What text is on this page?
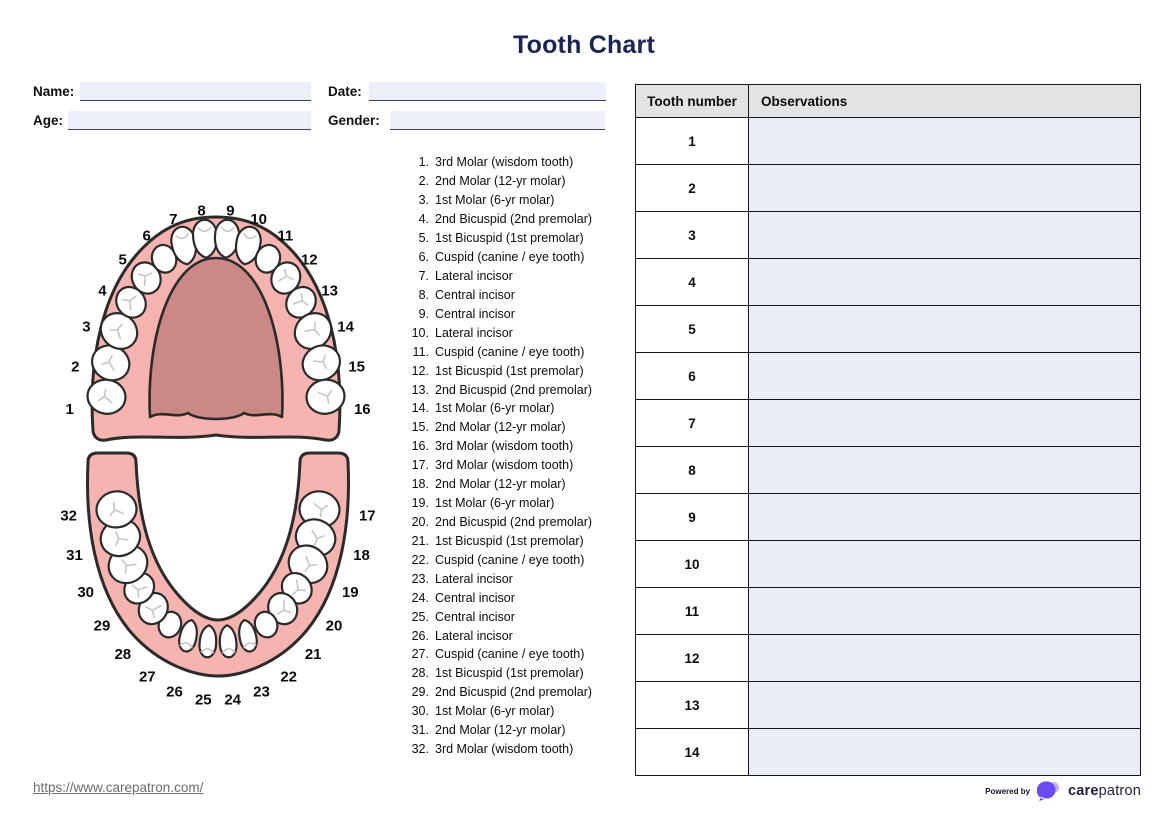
Tooth Chart
Name:	Date:
Age:	Gender:
1
2
3
4
5
6
7 8 9 10
11
12
13
14
15
16
17
18
19
20
21
22
23
24
25
26
27
28
29
30
31
32
1. 3rd Molar (wisdom tooth)
2. 2nd Molar (12-yr molar)
3. 1st Molar (6-yr molar)
4. 2nd Bicuspid (2nd premolar)
5. 1st Bicuspid (1st premolar)
6. Cuspid (canine / eye tooth)
7. Lateral incisor
8. Central incisor
9. Central incisor
10. Lateral incisor
11. Cuspid (canine / eye tooth)
12. 1st Bicuspid (1st premolar)
13. 2nd Bicuspid (2nd premolar)
14. 1st Molar (6-yr molar)
15. 2nd Molar (12-yr molar)
16. 3rd Molar (wisdom tooth)
17. 3rd Molar (wisdom tooth)
18. 2nd Molar (12-yr molar)
19. 1st Molar (6-yr molar)
20. 2nd Bicuspid (2nd premolar)
21. 1st Bicuspid (1st premolar)
22. Cuspid (canine / eye tooth)
23. Lateral incisor
24. Central incisor
25. Central incisor
26. Lateral incisor
27. Cuspid (canine / eye tooth)
28. 1st Bicuspid (1st premolar)
29. 2nd Bicuspid (2nd premolar)
30. 1st Molar (6-yr molar)
31. 2nd Molar (12-yr molar)
32. 3rd Molar (wisdom tooth)
Tooth number	Observations
1	
2	
3	
4	
5	
6	
7	
8	
9	
10	
11	
12	
13	
14	
https://www.carepatron.com/	Powered by	carepatron
